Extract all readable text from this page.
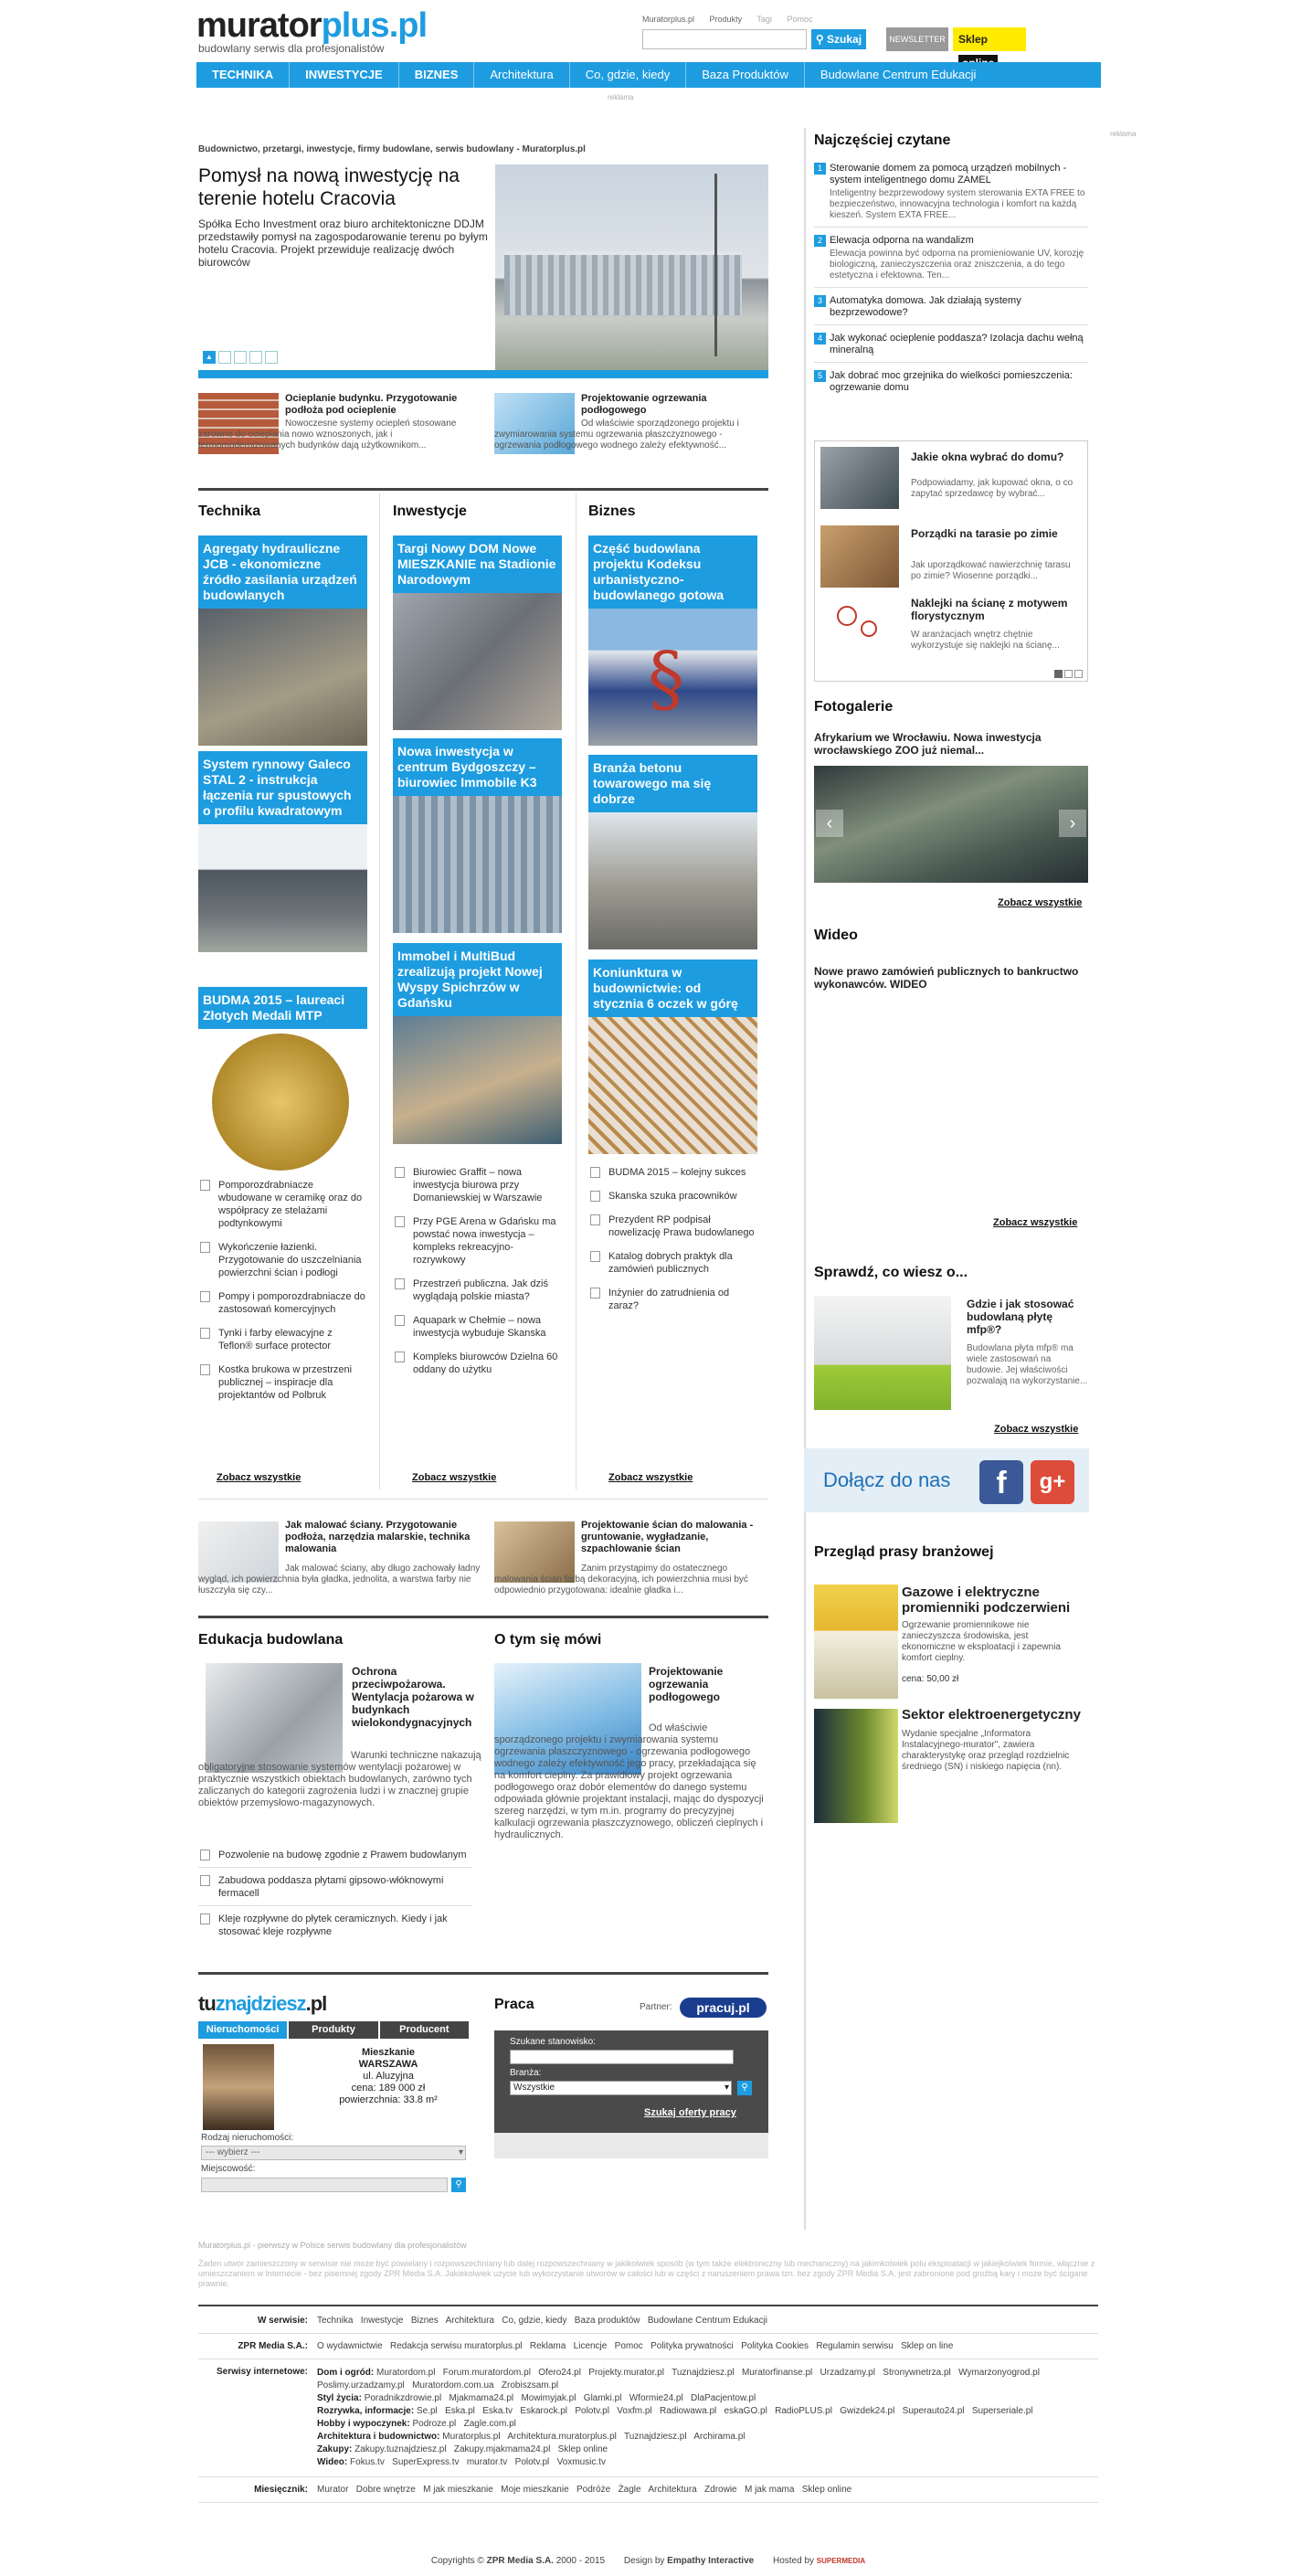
muratorplus.pl
budowlany serwis dla profesjonalistów
Muratorplus.pl Produkty Tagi Pomoc
⚲ Szukaj	NEWSLETTER	Sklep
TECHNIKA	INWESTYCJE	BIZNES	Architektura	Co, gdzie, kiedy	Baza Produktów	Budowlane Centrum Edukacji
reklama
reklama
Budownictwo, przetargi, inwestycje, firmy budowlane, serwis budowlany - Muratorplus.pl
Pomysł na nową inwestycję na terenie hotelu Cracovia
Spółka Echo Investment oraz biuro architektoniczne DDJM przedstawiły pomysł na zagospodarowanie terenu po byłym hotelu Cracovia. Projekt przewiduje realizację dwóch biurowców
▲
Ocieplanie budynku. Przygotowanie podłoża pod ocieplenie
Nowoczesne systemy ociepleń stosowane zarówno do ocieplania nowo wznoszonych, jak i termomodernizowanych budynków dają użytkownikom...
Projektowanie ogrzewania podłogowego
Od właściwie sporządzonego projektu i zwymiarowania systemu ogrzewania płaszczyznowego - ogrzewania podłogowego wodnego zależy efektywność...
Technika
Agregaty hydrauliczne JCB - ekonomiczne źródło zasilania urządzeń budowlanych
System rynnowy Galeco STAL 2 - instrukcja łączenia rur spustowych o profilu kwadratowym
BUDMA 2015 – laureaci Złotych Medali MTP
Pomporozdrabniacze wbudowane w ceramikę oraz do współpracy ze stelażami podtynkowymi
Wykończenie łazienki. Przygotowanie do uszczelniania powierzchni ścian i podłogi
Pompy i pomporozdrabniacze do zastosowań komercyjnych
Tynki i farby elewacyjne z Teflon® surface protector
Kostka brukowa w przestrzeni publicznej – inspiracje dla projektantów od Polbruk
Zobacz wszystkie
Inwestycje
Targi Nowy DOM Nowe MIESZKANIE na Stadionie Narodowym
Nowa inwestycja w centrum Bydgoszczy – biurowiec Immobile K3
Immobel i MultiBud zrealizują projekt Nowej Wyspy Spichrzów w Gdańsku
Biurowiec Graffit – nowa inwestycja biurowa przy Domaniewskiej w Warszawie
Przy PGE Arena w Gdańsku ma powstać nowa inwestycja – kompleks rekreacyjno-rozrywkowy
Przestrzeń publiczna. Jak dziś wyglądają polskie miasta?
Aquapark w Chełmie – nowa inwestycja wybuduje Skanska
Kompleks biurowców Dzielna 60 oddany do użytku
Zobacz wszystkie
Biznes
Część budowlana projektu Kodeksu urbanistyczno-budowlanego gotowa
§
Branża betonu towarowego ma się dobrze
Koniunktura w budownictwie: od stycznia 6 oczek w górę
BUDMA 2015 – kolejny sukces
Skanska szuka pracowników
Prezydent RP podpisał nowelizację Prawa budowlanego
Katalog dobrych praktyk dla zamówień publicznych
Inżynier do zatrudnienia od zaraz?
Zobacz wszystkie
Jak malować ściany. Przygotowanie podłoża, narzędzia malarskie, technika malowania
Jak malować ściany, aby długo zachowały ładny wygląd, ich powierzchnia była gładka, jednolita, a warstwa farby nie łuszczyła się czy...
Projektowanie ścian do malowania - gruntowanie, wygładzanie, szpachlowanie ścian
Zanim przystąpimy do ostatecznego malowania ścian farbą dekoracyjną, ich powierzchnia musi być odpowiednio przygotowana: idealnie gładka i...
Edukacja budowlana
Ochrona przeciwpożarowa. Wentylacja pożarowa w budynkach wielokondygnacyjnych
Warunki techniczne nakazują obligatoryjne stosowanie systemów wentylacji pożarowej w praktycznie wszystkich obiektach budowlanych, zarówno tych zaliczanych do kategorii zagrożenia ludzi i w znacznej grupie obiektów przemysłowo-magazynowych.
Pozwolenie na budowę zgodnie z Prawem budowlanym
Zabudowa poddasza płytami gipsowo-włóknowymi fermacell
Kleje rozpływne do płytek ceramicznych. Kiedy i jak stosować kleje rozpływne
O tym się mówi
Projektowanie ogrzewania podłogowego
Od właściwie sporządzonego projektu i zwymiarowania systemu ogrzewania płaszczyznowego - ogrzewania podłogowego wodnego zależy efektywność jego pracy, przekładająca się na komfort cieplny. Za prawidłowy projekt ogrzewania podłogowego oraz dobór elementów do danego systemu odpowiada głównie projektant instalacji, mając do dyspozycji szereg narzędzi, w tym m.in. programy do precyzyjnej kalkulacji ogrzewania płaszczyznowego, obliczeń cieplnych i hydraulicznych.
tuznajdziesz.pl
Nieruchomości	Produkty	Producent
Mieszkanie
WARSZAWA
ul. Aluzyjna
cena: 189 000 zł
powierzchnia: 33.8 m²
Rodzaj nieruchomości:
--- wybierz ---	▾
Miejscowość:
⚲
Praca	Partner:	pracuj.pl
Szukane stanowisko:
Branża:
Wszystkie	▾	⚲
Szukaj oferty pracy
Najczęściej czytane
1 Sterowanie domem za pomocą urządzeń mobilnych - system inteligentnego domu ZAMEL
Inteligentny bezprzewodowy system sterowania EXTA FREE to bezpieczeństwo, innowacyjna technologia i komfort na każdą kieszeń. System EXTA FREE...
2 Elewacja odporna na wandalizm
Elewacja powinna być odporna na promieniowanie UV, korozję biologiczną, zanieczyszczenia oraz zniszczenia, a do tego estetyczna i efektowna. Ten...
3 Automatyka domowa. Jak działają systemy bezprzewodowe?
4 Jak wykonać ocieplenie poddasza? Izolacja dachu wełną mineralną
5 Jak dobrać moc grzejnika do wielkości pomieszczenia: ogrzewanie domu
Jakie okna wybrać do domu?
Podpowiadamy, jak kupować okna, o co zapytać sprzedawcę by wybrać...
Porządki na tarasie po zimie
Jak uporządkować nawierzchnię tarasu po zimie? Wiosenne porządki...
Naklejki na ścianę z motywem florystycznym
W aranżacjach wnętrz chętnie wykorzystuje się naklejki na ścianę...
Fotogalerie
Afrykarium we Wrocławiu. Nowa inwestycja wrocławskiego ZOO już niemal...
‹	›
Zobacz wszystkie
Wideo
Nowe prawo zamówień publicznych to bankructwo wykonawców. WIDEO
Zobacz wszystkie
Sprawdź, co wiesz o...
Gdzie i jak stosować budowlaną płytę mfp®?
Budowlana płyta mfp® ma wiele zastosowań na budowie. Jej właściwości pozwalają na wykorzystanie...
Zobacz wszystkie
Dołącz do nas	f	g+
Przegląd prasy branżowej
Gazowe i elektryczne promienniki podczerwieni
Ogrzewanie promiennikowe nie zanieczyszcza środowiska, jest ekonomiczne w eksploatacji i zapewnia komfort cieplny.
cena: 50,00 zł
Sektor elektroenergetyczny
Wydanie specjalne „Informatora Instalacyjnego-murator", zawiera charakterystykę oraz przegląd rozdzielnic średniego (SN) i niskiego napięcia (nn).
Muratorplus.pl - pierwszy w Polsce serwis budowlany dla profesjonalistów
Żaden utwór zamieszczony w serwisie nie może być powielany i rozpowszechniany lub dalej rozpowszechniany w jakikolwiek sposób (w tym także elektroniczny lub mechaniczny) na jakimkolwiek polu eksploatacji w jakiejkolwiek formie, włącznie z umieszczaniem w Internecie - bez pisemnej zgody ZPR Media S.A. Jakiekolwiek użycie lub wykorzystanie utworów w całości lub w części z naruszeniem prawa tzn. bez zgody ZPR Media S.A. jest zabronione pod groźbą kary i może być ścigane prawnie.
W serwisie:	Technika   Inwestycje   Biznes   Architektura   Co, gdzie, kiedy   Baza produktów   Budowlane Centrum Edukacji
ZPR Media S.A.:	O wydawnictwie   Redakcja serwisu muratorplus.pl   Reklama   Licencje   Pomoc   Polityka prywatności   Polityka Cookies   Regulamin serwisu   Sklep on line
Serwisy internetowe:	Dom i ogród: Muratordom.pl   Forum.muratordom.pl   Ofero24.pl   Projekty.murator.pl   Tuznajdziesz.pl   Muratorfinanse.pl   Urzadzamy.pl   Stronywnetrza.pl   Wymarzonyogrod.pl   Poslimy.urzadzamy.pl   Muratordom.com.ua   Zrobiszsam.pl
Styl życia: Poradnikzdrowie.pl   Mjakmama24.pl   Mowimyjak.pl   Glamki.pl   Wformie24.pl   DlaPacjentow.pl
Rozrywka, informacje: Se.pl   Eska.pl   Eska.tv   Eskarock.pl   Polotv.pl   Voxfm.pl   Radiowawa.pl   eskaGO.pl   RadioPLUS.pl   Gwizdek24.pl   Superauto24.pl   Superseriale.pl
Hobby i wypoczynek: Podroze.pl   Zagle.com.pl
Architektura i budownictwo: Muratorplus.pl   Architektura.muratorplus.pl   Tuznajdziesz.pl   Archirama.pl
Zakupy: Zakupy.tuznajdziesz.pl   Zakupy.mjakmama24.pl   Sklep online
Wideo: Fokus.tv   SuperExpress.tv   murator.tv   Polotv.pl   Voxmusic.tv
Miesięcznik:	Murator   Dobre wnętrze   M jak mieszkanie   Moje mieszkanie   Podróże   Żagle   Architektura   Zdrowie   M jak mama   Sklep online
Copyrights © ZPR Media S.A. 2000 - 2015 Design by Empathy Interactive Hosted by SUPERMEDIA
